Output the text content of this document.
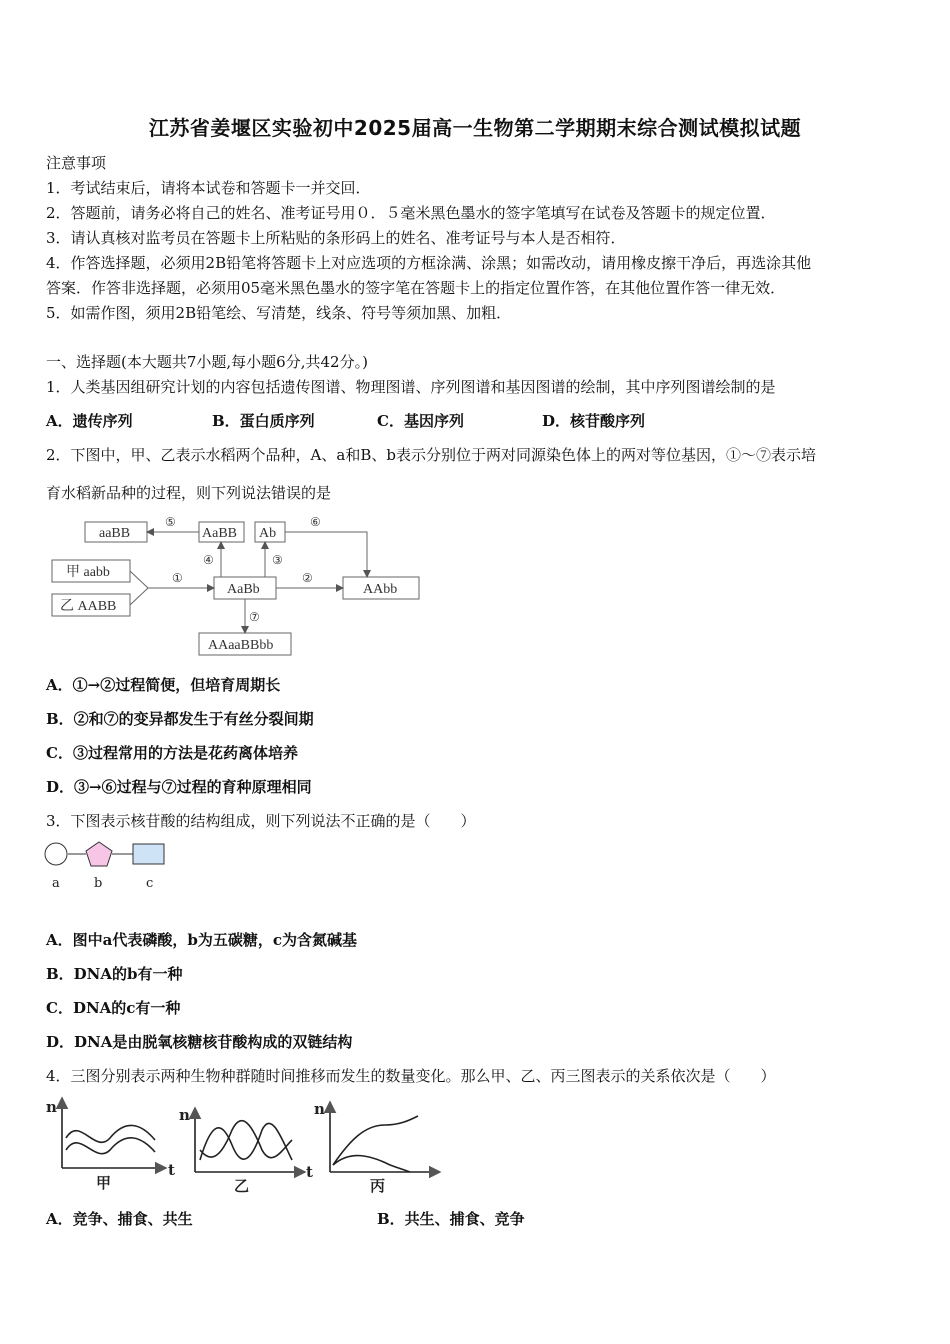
江苏省姜堰区实验初中2025届高一生物第二学期期末综合测试模拟试题
注意事项
1．考试结束后，请将本试卷和答题卡一并交回．
2．答题前，请务必将自己的姓名、准考证号用０．５毫米黑色墨水的签字笔填写在试卷及答题卡的规定位置．
3．请认真核对监考员在答题卡上所粘贴的条形码上的姓名、准考证号与本人是否相符．
4．作答选择题，必须用2B铅笔将答题卡上对应选项的方框涂满、涂黑；如需改动，请用橡皮擦干净后，再选涂其他
答案．作答非选择题，必须用05毫米黑色墨水的签字笔在答题卡上的指定位置作答，在其他位置作答一律无效．
5．如需作图，须用2B铅笔绘、写清楚，线条、符号等须加黑、加粗．
一、选择题(本大题共7小题,每小题6分,共42分。)
1．人类基因组研究计划的内容包括遗传图谱、物理图谱、序列图谱和基因图谱的绘制，其中序列图谱绘制的是
A．遗传序列	B．蛋白质序列	C．基因序列	D．核苷酸序列
2．下图中，甲、乙表示水稻两个品种，A、a和B、b表示分别位于两对同源染色体上的两对等位基因，①～⑦表示培
育水稻新品种的过程，则下列说法错误的是
甲 aabb
乙 AABB
AaBb	AAbb
AaBB
aaBB	Ab
AAaaBBbb
①	②
③
④
⑤	⑥
⑦
a	b	c
n
t
甲
n
t
乙
n
丙
A．①→②过程简便，但培育周期长
B．②和⑦的变异都发生于有丝分裂间期
C．③过程常用的方法是花药离体培养
D．③→⑥过程与⑦过程的育种原理相同
3．下图表示核苷酸的结构组成，则下列说法不正确的是（　　）
A．图中a代表磷酸，b为五碳糖，c为含氮碱基
B．DNA的b有一种
C．DNA的c有一种
D．DNA是由脱氧核糖核苷酸构成的双链结构
4．三图分别表示两种生物种群随时间推移而发生的数量变化。那么甲、乙、丙三图表示的关系依次是（　　）
A．竞争、捕食、共生	B．共生、捕食、竞争
